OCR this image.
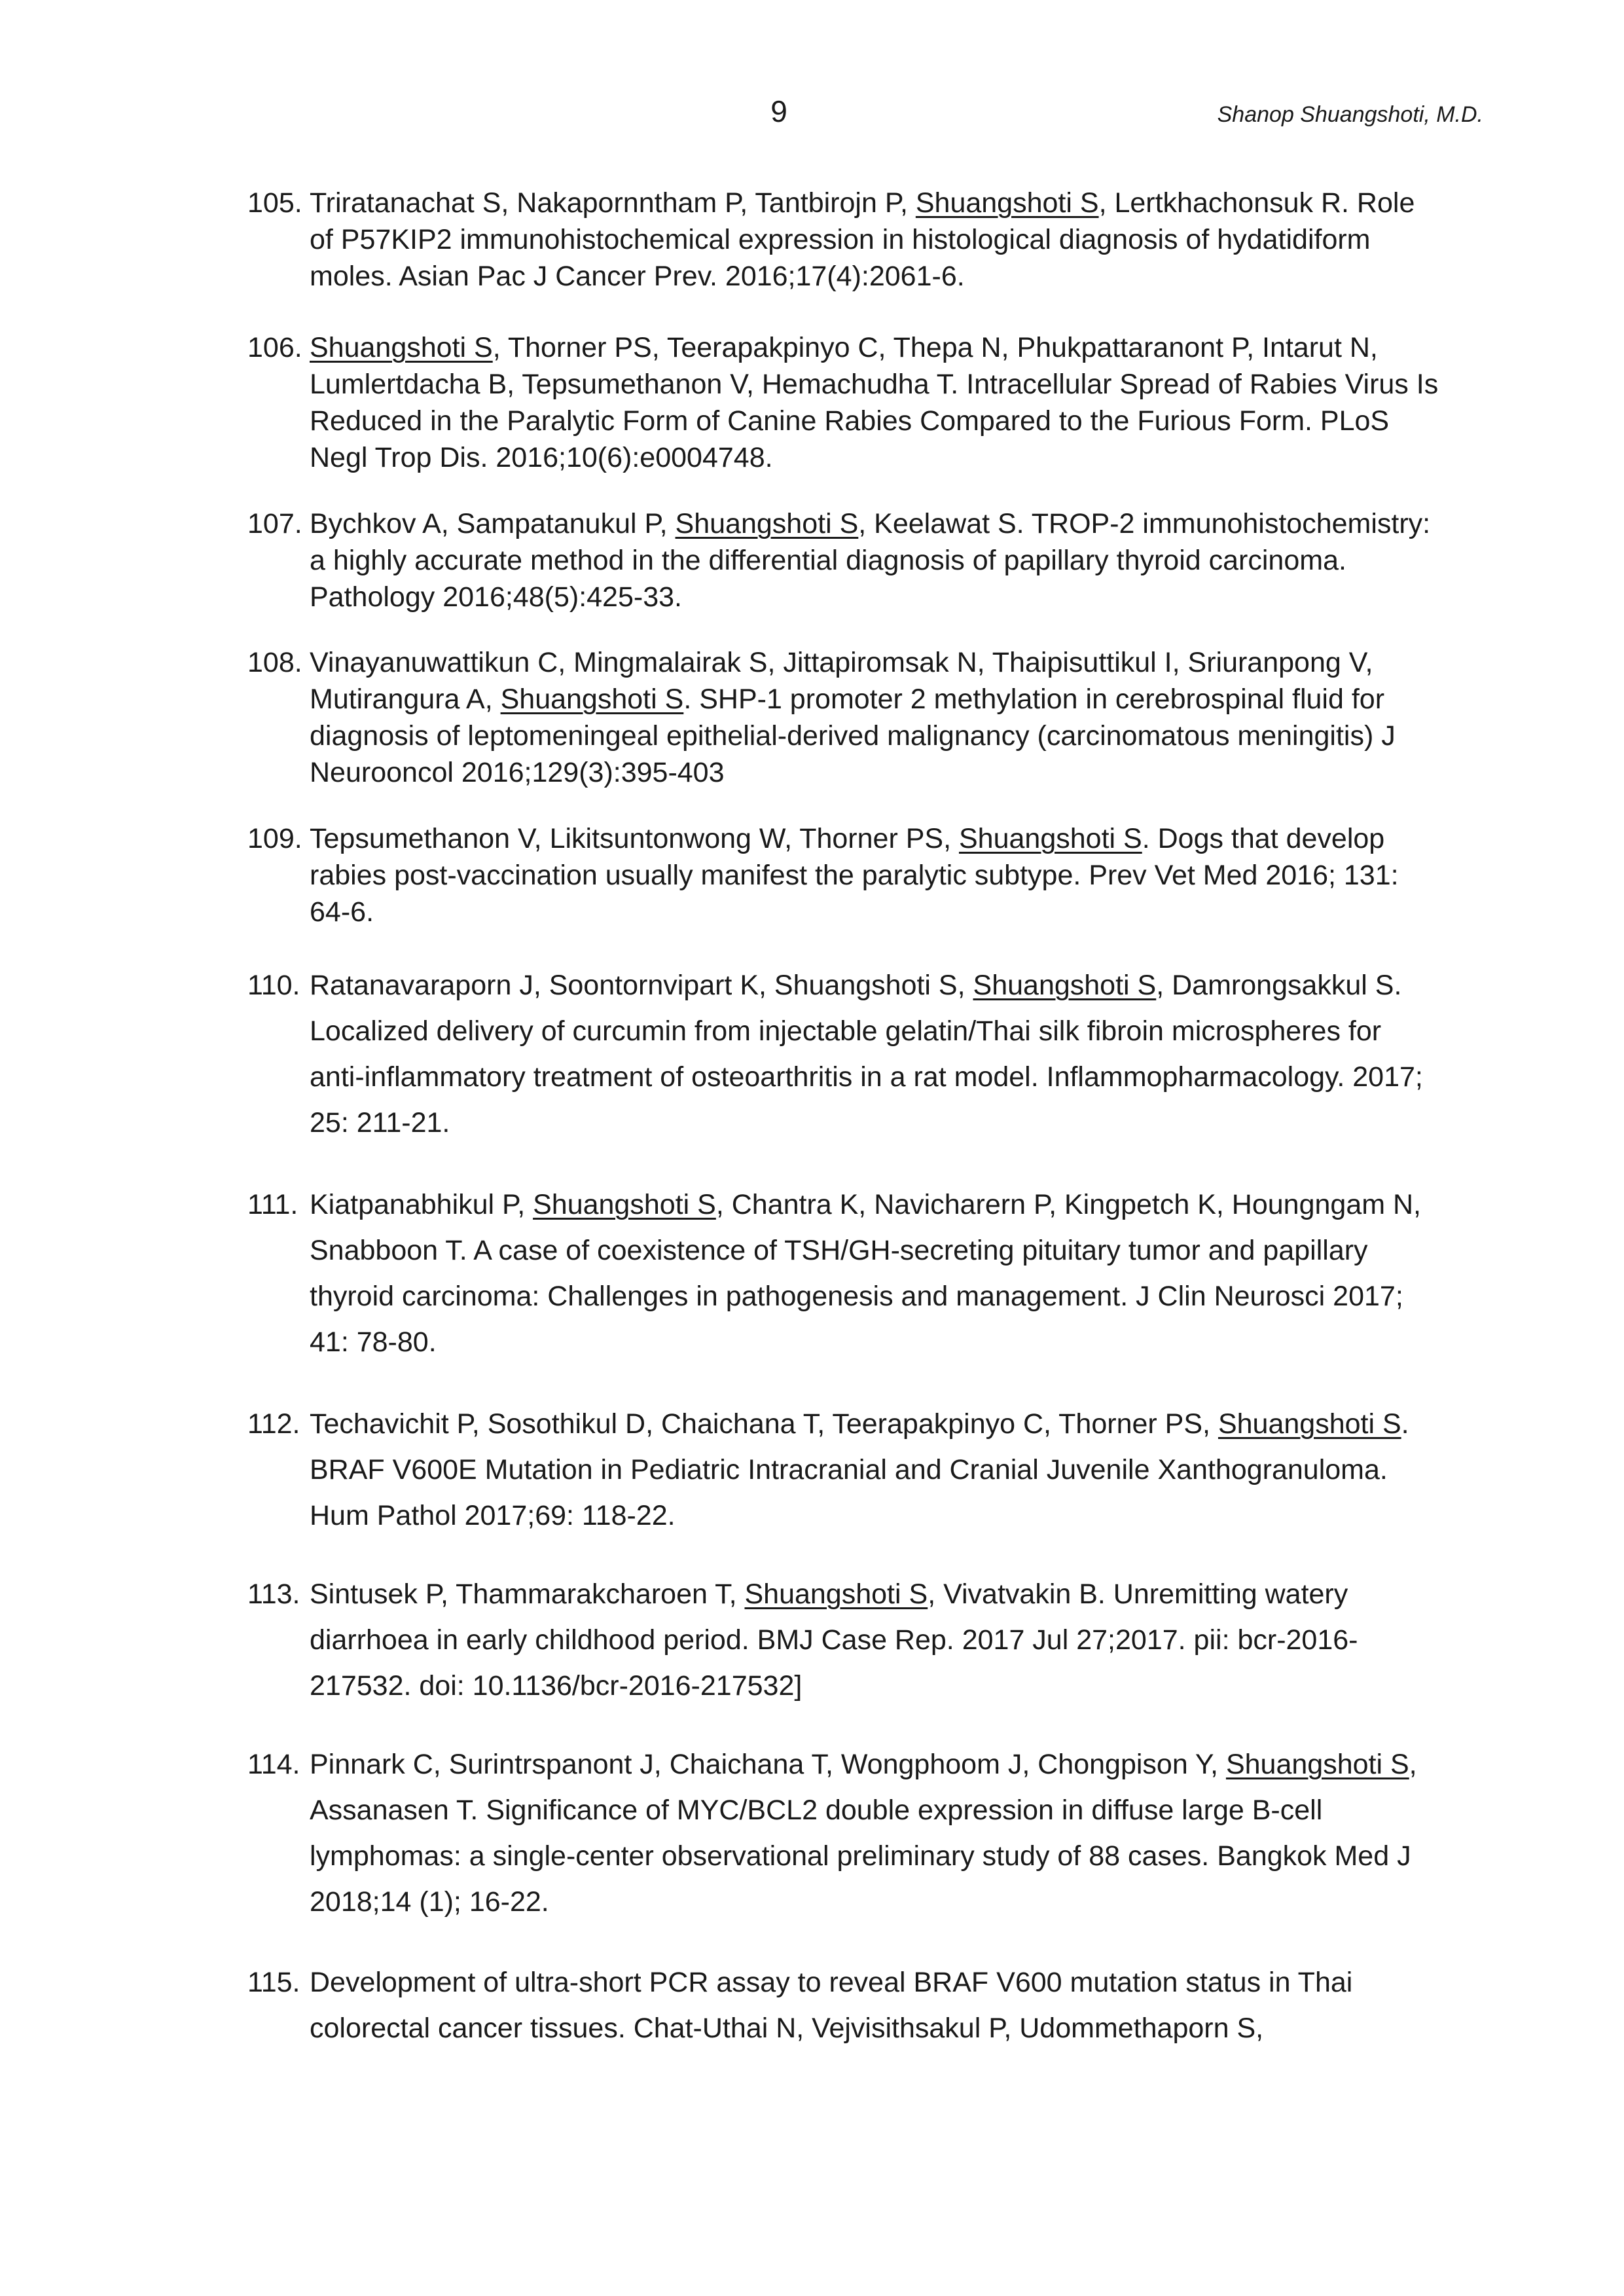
9	Shanop Shuangshoti, M.D.
105. Triratanachat S, Nakapornntham P, Tantbirojn P, Shuangshoti S, Lertkhachonsuk R. Role of P57KIP2 immunohistochemical expression in histological diagnosis of hydatidiform moles. Asian Pac J Cancer Prev. 2016;17(4):2061-6.
106. Shuangshoti S, Thorner PS, Teerapakpinyo C, Thepa N, Phukpattaranont P, Intarut N, Lumlertdacha B, Tepsumethanon V, Hemachudha T. Intracellular Spread of Rabies Virus Is Reduced in the Paralytic Form of Canine Rabies Compared to the Furious Form. PLoS Negl Trop Dis. 2016;10(6):e0004748.
107. Bychkov A, Sampatanukul P, Shuangshoti S, Keelawat S. TROP-2 immunohistochemistry: a highly accurate method in the differential diagnosis of papillary thyroid carcinoma. Pathology 2016;48(5):425-33.
108. Vinayanuwattikun C, Mingmalairak S, Jittapiromsak N, Thaipisuttikul I, Sriuranpong V, Mutirangura A, Shuangshoti S. SHP-1 promoter 2 methylation in cerebrospinal fluid for diagnosis of leptomeningeal epithelial-derived malignancy (carcinomatous meningitis) J Neurooncol 2016;129(3):395-403
109. Tepsumethanon V, Likitsuntonwong W, Thorner PS, Shuangshoti S. Dogs that develop rabies post-vaccination usually manifest the paralytic subtype. Prev Vet Med 2016; 131: 64-6.
110. Ratanavaraporn J, Soontornvipart K, Shuangshoti S, Shuangshoti S, Damrongsakkul S. Localized delivery of curcumin from injectable gelatin/Thai silk fibroin microspheres for anti-inflammatory treatment of osteoarthritis in a rat model. Inflammopharmacology. 2017; 25: 211-21.
111. Kiatpanabhikul P, Shuangshoti S, Chantra K, Navicharern P, Kingpetch K, Houngngam N, Snabboon T. A case of coexistence of TSH/GH-secreting pituitary tumor and papillary thyroid carcinoma: Challenges in pathogenesis and management. J Clin Neurosci 2017; 41: 78-80.
112. Techavichit P, Sosothikul D, Chaichana T, Teerapakpinyo C, Thorner PS, Shuangshoti S. BRAF V600E Mutation in Pediatric Intracranial and Cranial Juvenile Xanthogranuloma. Hum Pathol 2017;69: 118-22.
113. Sintusek P, Thammarakcharoen T, Shuangshoti S, Vivatvakin B. Unremitting watery diarrhoea in early childhood period. BMJ Case Rep. 2017 Jul 27;2017. pii: bcr-2016-217532. doi: 10.1136/bcr-2016-217532]
114. Pinnark C, Surintrspanont J, Chaichana T, Wongphoom J, Chongpison Y, Shuangshoti S, Assanasen T. Significance of MYC/BCL2 double expression in diffuse large B-cell lymphomas: a single-center observational preliminary study of 88 cases. Bangkok Med J 2018;14 (1); 16-22.
115. Development of ultra-short PCR assay to reveal BRAF V600 mutation status in Thai colorectal cancer tissues. Chat-Uthai N, Vejvisithsakul P, Udommethaporn S,
